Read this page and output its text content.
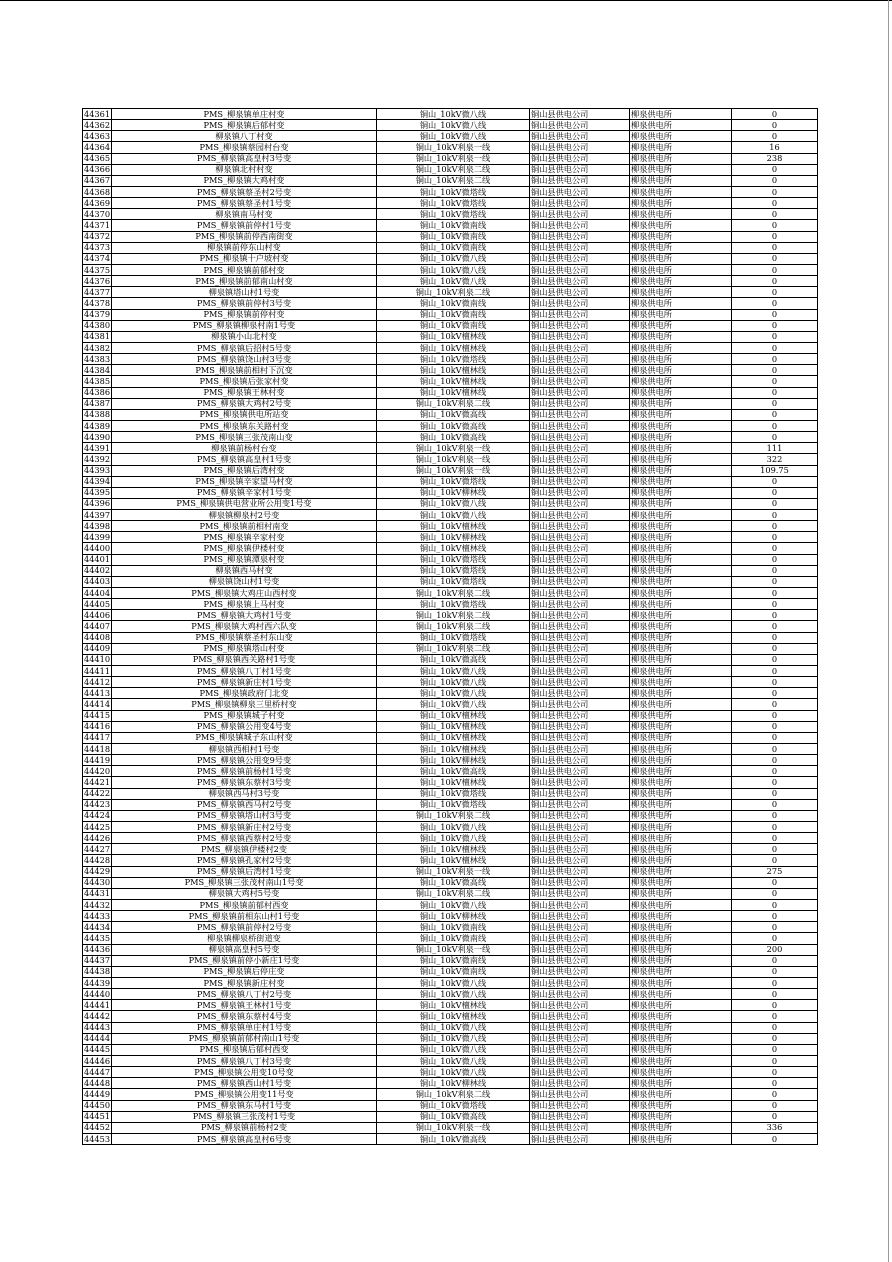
44361	PMS_柳泉镇单庄村变	铜山_10kV微八线	铜山县供电公司	柳泉供电所	0
44362	PMS_柳泉镇后郁村变	铜山_10kV微八线	铜山县供电公司	柳泉供电所	0
44363	柳泉镇八丁村变	铜山_10kV微八线	铜山县供电公司	柳泉供电所	0
44364	PMS_柳泉镇蔡园村台变	铜山_10kV利泉一线	铜山县供电公司	柳泉供电所	16
44365	PMS_柳泉镇高皇村3号变	铜山_10kV利泉一线	铜山县供电公司	柳泉供电所	238
44366	柳泉镇北村村变	铜山_10kV利泉二线	铜山县供电公司	柳泉供电所	0
44367	PMS_柳泉镇大鸡村变	铜山_10kV利泉二线	铜山县供电公司	柳泉供电所	0
44368	PMS_柳泉镇蔡圣村2号变	铜山_10kV微塔线	铜山县供电公司	柳泉供电所	0
44369	PMS_柳泉镇蔡圣村1号变	铜山_10kV微塔线	铜山县供电公司	柳泉供电所	0
44370	柳泉镇南马村变	铜山_10kV微塔线	铜山县供电公司	柳泉供电所	0
44371	PMS_柳泉镇前停村1号变	铜山_10kV微南线	铜山县供电公司	柳泉供电所	0
44372	PMS_柳泉镇前停西南街变	铜山_10kV微南线	铜山县供电公司	柳泉供电所	0
44373	柳泉镇前停东山村变	铜山_10kV微南线	铜山县供电公司	柳泉供电所	0
44374	PMS_柳泉镇十户坡村变	铜山_10kV微八线	铜山县供电公司	柳泉供电所	0
44375	PMS_柳泉镇前郁村变	铜山_10kV微八线	铜山县供电公司	柳泉供电所	0
44376	PMS_柳泉镇前郁南山村变	铜山_10kV微八线	铜山县供电公司	柳泉供电所	0
44377	柳泉镇塔山村1号变	铜山_10kV利泉二线	铜山县供电公司	柳泉供电所	0
44378	PMS_柳泉镇前停村3号变	铜山_10kV微南线	铜山县供电公司	柳泉供电所	0
44379	PMS_柳泉镇前停村变	铜山_10kV微南线	铜山县供电公司	柳泉供电所	0
44380	PMS_柳泉镇柳泉村南1号变	铜山_10kV微南线	铜山县供电公司	柳泉供电所	0
44381	柳泉镇小山北村变	铜山_10kV檀林线	铜山县供电公司	柳泉供电所	0
44382	PMS_柳泉镇后招村5号变	铜山_10kV檀林线	铜山县供电公司	柳泉供电所	0
44383	PMS_柳泉镇饶山村3号变	铜山_10kV微塔线	铜山县供电公司	柳泉供电所	0
44384	PMS_柳泉镇前相村下沉变	铜山_10kV檀林线	铜山县供电公司	柳泉供电所	0
44385	PMS_柳泉镇后张家村变	铜山_10kV檀林线	铜山县供电公司	柳泉供电所	0
44386	PMS_柳泉镇王林村变	铜山_10kV檀林线	铜山县供电公司	柳泉供电所	0
44387	PMS_柳泉镇大鸡村2号变	铜山_10kV利泉二线	铜山县供电公司	柳泉供电所	0
44388	PMS_柳泉镇供电所站变	铜山_10kV微高线	铜山县供电公司	柳泉供电所	0
44389	PMS_柳泉镇东关路村变	铜山_10kV微高线	铜山县供电公司	柳泉供电所	0
44390	PMS_柳泉镇三张茂南山变	铜山_10kV微高线	铜山县供电公司	柳泉供电所	0
44391	柳泉镇前杨村台变	铜山_10kV利泉一线	铜山县供电公司	柳泉供电所	111
44392	PMS_柳泉镇高皇村1号变	铜山_10kV利泉一线	铜山县供电公司	柳泉供电所	322
44393	PMS_柳泉镇后湾村变	铜山_10kV利泉一线	铜山县供电公司	柳泉供电所	109.75
44394	PMS_柳泉镇辛家望马村变	铜山_10kV微塔线	铜山县供电公司	柳泉供电所	0
44395	PMS_柳泉镇辛家村1号变	铜山_10kV柳林线	铜山县供电公司	柳泉供电所	0
44396	PMS_柳泉镇供电营业所公用变1号变	铜山_10kV微八线	铜山县供电公司	柳泉供电所	0
44397	柳泉镇柳泉村2号变	铜山_10kV微八线	铜山县供电公司	柳泉供电所	0
44398	PMS_柳泉镇前相村南变	铜山_10kV檀林线	铜山县供电公司	柳泉供电所	0
44399	PMS_柳泉镇辛家村变	铜山_10kV柳林线	铜山县供电公司	柳泉供电所	0
44400	PMS_柳泉镇伊楼村变	铜山_10kV檀林线	铜山县供电公司	柳泉供电所	0
44401	PMS_柳泉镇潭泉村变	铜山_10kV微塔线	铜山县供电公司	柳泉供电所	0
44402	柳泉镇西马村变	铜山_10kV微塔线	铜山县供电公司	柳泉供电所	0
44403	柳泉镇饶山村1号变	铜山_10kV微塔线	铜山县供电公司	柳泉供电所	0
44404	PMS_柳泉镇大鸡庄山西村变	铜山_10kV利泉二线	铜山县供电公司	柳泉供电所	0
44405	PMS_柳泉镇上马村变	铜山_10kV微塔线	铜山县供电公司	柳泉供电所	0
44406	PMS_柳泉镇大鸡村1号变	铜山_10kV利泉二线	铜山县供电公司	柳泉供电所	0
44407	PMS_柳泉镇大鸡村西六队变	铜山_10kV利泉二线	铜山县供电公司	柳泉供电所	0
44408	PMS_柳泉镇蔡圣村东山变	铜山_10kV微塔线	铜山县供电公司	柳泉供电所	0
44409	PMS_柳泉镇塔山村变	铜山_10kV利泉二线	铜山县供电公司	柳泉供电所	0
44410	PMS_柳泉镇西关路村1号变	铜山_10kV微高线	铜山县供电公司	柳泉供电所	0
44411	PMS_柳泉镇八丁村1号变	铜山_10kV微八线	铜山县供电公司	柳泉供电所	0
44412	PMS_柳泉镇新庄村1号变	铜山_10kV微八线	铜山县供电公司	柳泉供电所	0
44413	PMS_柳泉镇政府门北变	铜山_10kV微八线	铜山县供电公司	柳泉供电所	0
44414	PMS_柳泉镇柳泉三里桥村变	铜山_10kV微八线	铜山县供电公司	柳泉供电所	0
44415	PMS_柳泉镇城子村变	铜山_10kV檀林线	铜山县供电公司	柳泉供电所	0
44416	PMS_柳泉镇公用变4号变	铜山_10kV檀林线	铜山县供电公司	柳泉供电所	0
44417	PMS_柳泉镇城子东山村变	铜山_10kV檀林线	铜山县供电公司	柳泉供电所	0
44418	柳泉镇西相村1号变	铜山_10kV檀林线	铜山县供电公司	柳泉供电所	0
44419	PMS_柳泉镇公用变9号变	铜山_10kV柳林线	铜山县供电公司	柳泉供电所	0
44420	PMS_柳泉镇前杨村1号变	铜山_10kV微高线	铜山县供电公司	柳泉供电所	0
44421	PMS_柳泉镇东蔡村3号变	铜山_10kV檀林线	铜山县供电公司	柳泉供电所	0
44422	柳泉镇西马村3号变	铜山_10kV微塔线	铜山县供电公司	柳泉供电所	0
44423	PMS_柳泉镇西马村2号变	铜山_10kV微塔线	铜山县供电公司	柳泉供电所	0
44424	PMS_柳泉镇塔山村3号变	铜山_10kV利泉二线	铜山县供电公司	柳泉供电所	0
44425	PMS_柳泉镇新庄村2号变	铜山_10kV微八线	铜山县供电公司	柳泉供电所	0
44426	PMS_柳泉镇西蔡村2号变	铜山_10kV微八线	铜山县供电公司	柳泉供电所	0
44427	PMS_柳泉镇伊楼村2变	铜山_10kV檀林线	铜山县供电公司	柳泉供电所	0
44428	PMS_柳泉镇孔家村2号变	铜山_10kV檀林线	铜山县供电公司	柳泉供电所	0
44429	PMS_柳泉镇后湾村1号变	铜山_10kV利泉一线	铜山县供电公司	柳泉供电所	275
44430	PMS_柳泉镇三张茂村南山1号变	铜山_10kV微高线	铜山县供电公司	柳泉供电所	0
44431	柳泉镇大鸡村5号变	铜山_10kV利泉二线	铜山县供电公司	柳泉供电所	0
44432	PMS_柳泉镇前郁村西变	铜山_10kV微八线	铜山县供电公司	柳泉供电所	0
44433	PMS_柳泉镇前相东山村1号变	铜山_10kV柳林线	铜山县供电公司	柳泉供电所	0
44434	PMS_柳泉镇前停村2号变	铜山_10kV微南线	铜山县供电公司	柳泉供电所	0
44435	柳泉镇柳泉桥街道变	铜山_10kV微南线	铜山县供电公司	柳泉供电所	0
44436	柳泉镇高皇村5号变	铜山_10kV利泉一线	铜山县供电公司	柳泉供电所	200
44437	PMS_柳泉镇前停小新庄1号变	铜山_10kV微南线	铜山县供电公司	柳泉供电所	0
44438	PMS_柳泉镇后停庄变	铜山_10kV微南线	铜山县供电公司	柳泉供电所	0
44439	PMS_柳泉镇新庄村变	铜山_10kV微八线	铜山县供电公司	柳泉供电所	0
44440	PMS_柳泉镇八丁村2号变	铜山_10kV微八线	铜山县供电公司	柳泉供电所	0
44441	PMS_柳泉镇王林村1号变	铜山_10kV檀林线	铜山县供电公司	柳泉供电所	0
44442	PMS_柳泉镇东蔡村4号变	铜山_10kV檀林线	铜山县供电公司	柳泉供电所	0
44443	PMS_柳泉镇单庄村1号变	铜山_10kV微八线	铜山县供电公司	柳泉供电所	0
44444	PMS_柳泉镇前郁村南山1号变	铜山_10kV微八线	铜山县供电公司	柳泉供电所	0
44445	PMS_柳泉镇后郁村西变	铜山_10kV微八线	铜山县供电公司	柳泉供电所	0
44446	PMS_柳泉镇八丁村3号变	铜山_10kV微八线	铜山县供电公司	柳泉供电所	0
44447	PMS_柳泉镇公用变10号变	铜山_10kV微八线	铜山县供电公司	柳泉供电所	0
44448	PMS_柳泉镇西山村1号变	铜山_10kV柳林线	铜山县供电公司	柳泉供电所	0
44449	PMS_柳泉镇公用变11号变	铜山_10kV利泉二线	铜山县供电公司	柳泉供电所	0
44450	PMS_柳泉镇东马村1号变	铜山_10kV微塔线	铜山县供电公司	柳泉供电所	0
44451	PMS_柳泉镇三张茂村1号变	铜山_10kV微高线	铜山县供电公司	柳泉供电所	0
44452	PMS_柳泉镇前杨村2变	铜山_10kV利泉一线	铜山县供电公司	柳泉供电所	336
44453	PMS_柳泉镇高皇村6号变	铜山_10kV微高线	铜山县供电公司	柳泉供电所	0
